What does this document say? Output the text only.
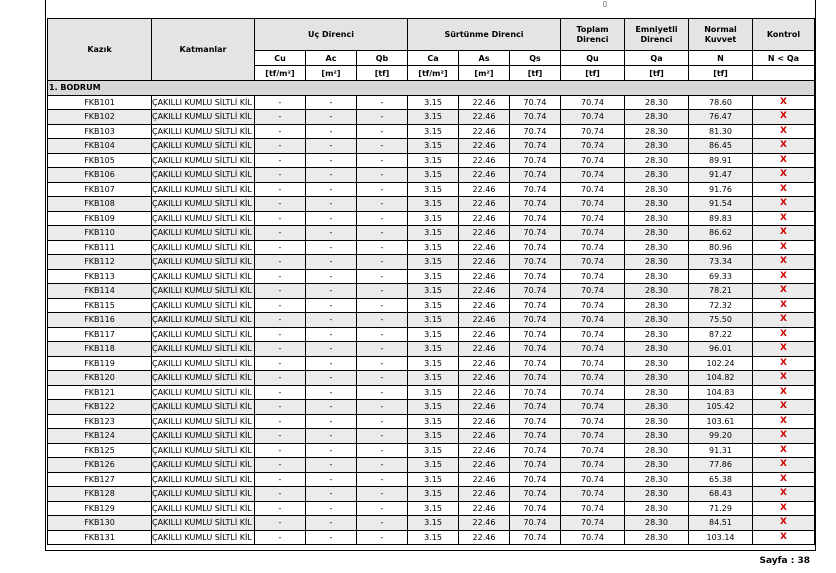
▯
Kazık	Katmanlar	Uç Direnci			Sürtünme Direnci			Toplam Direnci	Emniyetli Direnci	Normal Kuvvet	Kontrol
		Cu	Ac	Qb	Ca	As	Qs	Qu	Qa	N	N < Qa
		[tf/m²]	[m²]	[tf]	[tf/m²]	[m²]	[tf]	[tf]	[tf]	[tf]	
1. BODRUM											
FKB101	ÇAKILLI KUMLU SİLTLİ KİL	-	-	-	3.15	22.46	70.74	70.74	28.30	78.60	X
FKB102	ÇAKILLI KUMLU SİLTLİ KİL	-	-	-	3.15	22.46	70.74	70.74	28.30	76.47	X
FKB103	ÇAKILLI KUMLU SİLTLİ KİL	-	-	-	3.15	22.46	70.74	70.74	28.30	81.30	X
FKB104	ÇAKILLI KUMLU SİLTLİ KİL	-	-	-	3.15	22.46	70.74	70.74	28.30	86.45	X
FKB105	ÇAKILLI KUMLU SİLTLİ KİL	-	-	-	3.15	22.46	70.74	70.74	28.30	89.91	X
FKB106	ÇAKILLI KUMLU SİLTLİ KİL	-	-	-	3.15	22.46	70.74	70.74	28.30	91.47	X
FKB107	ÇAKILLI KUMLU SİLTLİ KİL	-	-	-	3.15	22.46	70.74	70.74	28.30	91.76	X
FKB108	ÇAKILLI KUMLU SİLTLİ KİL	-	-	-	3.15	22.46	70.74	70.74	28.30	91.54	X
FKB109	ÇAKILLI KUMLU SİLTLİ KİL	-	-	-	3.15	22.46	70.74	70.74	28.30	89.83	X
FKB110	ÇAKILLI KUMLU SİLTLİ KİL	-	-	-	3.15	22.46	70.74	70.74	28.30	86.62	X
FKB111	ÇAKILLI KUMLU SİLTLİ KİL	-	-	-	3.15	22.46	70.74	70.74	28.30	80.96	X
FKB112	ÇAKILLI KUMLU SİLTLİ KİL	-	-	-	3.15	22.46	70.74	70.74	28.30	73.34	X
FKB113	ÇAKILLI KUMLU SİLTLİ KİL	-	-	-	3.15	22.46	70.74	70.74	28.30	69.33	X
FKB114	ÇAKILLI KUMLU SİLTLİ KİL	-	-	-	3.15	22.46	70.74	70.74	28.30	78.21	X
FKB115	ÇAKILLI KUMLU SİLTLİ KİL	-	-	-	3.15	22.46	70.74	70.74	28.30	72.32	X
FKB116	ÇAKILLI KUMLU SİLTLİ KİL	-	-	-	3.15	22.46	70.74	70.74	28.30	75.50	X
FKB117	ÇAKILLI KUMLU SİLTLİ KİL	-	-	-	3.15	22.46	70.74	70.74	28.30	87.22	X
FKB118	ÇAKILLI KUMLU SİLTLİ KİL	-	-	-	3.15	22.46	70.74	70.74	28.30	96.01	X
FKB119	ÇAKILLI KUMLU SİLTLİ KİL	-	-	-	3.15	22.46	70.74	70.74	28.30	102.24	X
FKB120	ÇAKILLI KUMLU SİLTLİ KİL	-	-	-	3.15	22.46	70.74	70.74	28.30	104.82	X
FKB121	ÇAKILLI KUMLU SİLTLİ KİL	-	-	-	3.15	22.46	70.74	70.74	28.30	104.83	X
FKB122	ÇAKILLI KUMLU SİLTLİ KİL	-	-	-	3.15	22.46	70.74	70.74	28.30	105.42	X
FKB123	ÇAKILLI KUMLU SİLTLİ KİL	-	-	-	3.15	22.46	70.74	70.74	28.30	103.61	X
FKB124	ÇAKILLI KUMLU SİLTLİ KİL	-	-	-	3.15	22.46	70.74	70.74	28.30	99.20	X
FKB125	ÇAKILLI KUMLU SİLTLİ KİL	-	-	-	3.15	22.46	70.74	70.74	28.30	91.31	X
FKB126	ÇAKILLI KUMLU SİLTLİ KİL	-	-	-	3.15	22.46	70.74	70.74	28.30	77.86	X
FKB127	ÇAKILLI KUMLU SİLTLİ KİL	-	-	-	3.15	22.46	70.74	70.74	28.30	65.38	X
FKB128	ÇAKILLI KUMLU SİLTLİ KİL	-	-	-	3.15	22.46	70.74	70.74	28.30	68.43	X
FKB129	ÇAKILLI KUMLU SİLTLİ KİL	-	-	-	3.15	22.46	70.74	70.74	28.30	71.29	X
FKB130	ÇAKILLI KUMLU SİLTLİ KİL	-	-	-	3.15	22.46	70.74	70.74	28.30	84.51	X
FKB131	ÇAKILLI KUMLU SİLTLİ KİL	-	-	-	3.15	22.46	70.74	70.74	28.30	103.14	X
Sayfa : 38
